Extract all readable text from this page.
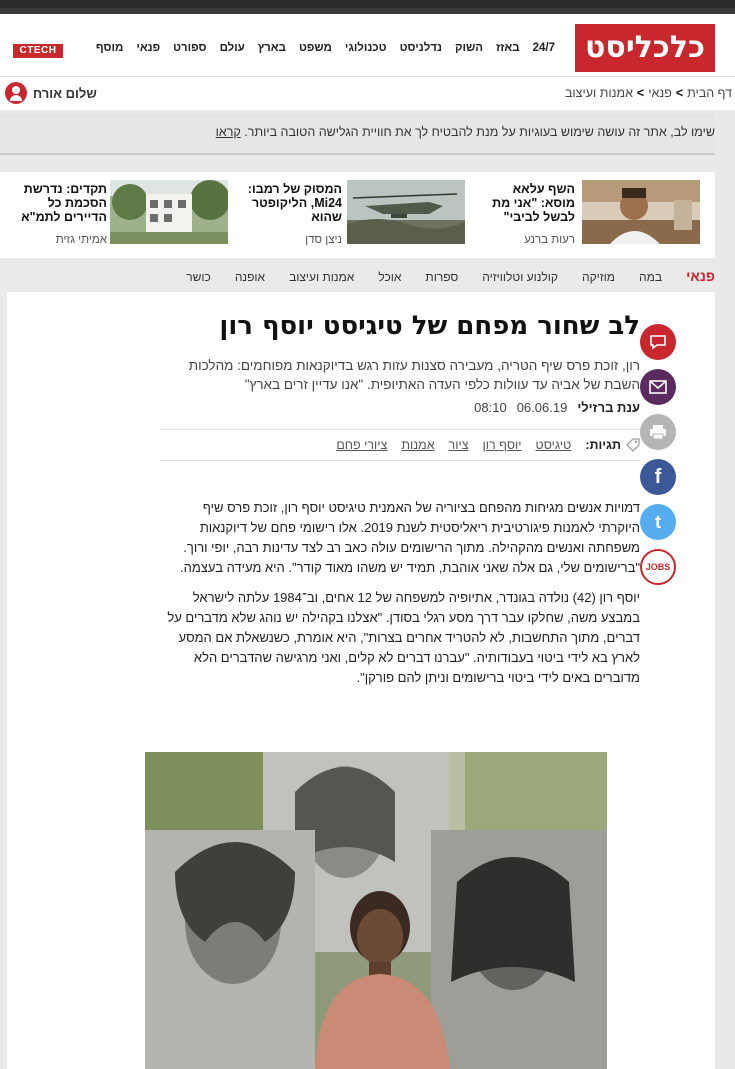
כלכליסט
24/7
באזז
השוק
נדלניסט
טכנולוגי
משפט
בארץ
עולם
ספורט
פנאי
מוסף
CTECH
שלום אורח	דף הבית
>
פנאי
>
אמנות ועיצוב
שימו לב, אתר זה עושה שימוש בעוגיות על מנת להבטיח לך את חוויית הגלישה הטובה ביותר. קראו
השף עלאא מוסא: "אני מת לבשל לביבי"
רעות ברנע
המסוק של רמבו: Mi24, הליקופטר שהוא
ניצן סדן
תקדים: נדרשת הסכמת כל הדיירים לתמ"א
אמיתי גזית
פנאי
במה
מוזיקה
קולנוע וטלוויזיה
ספרות
אוכל
אמנות ועיצוב
אופנה
כושר
f
t
JOBS
לב שחור מפחם של טיגיסט יוסף רון
רון, זוכת פרס שיף הטריה, מעבירה סצנות עזות רגש בדיוקנאות מפוחמים: מהלכות השבת של אביה עד עוולות כלפי העדה האתיופית. "אנו עדיין זרים בארץ"
ענת ברזילי
06.06.19
08:10
תגיות:
טיגיסט
יוסף רון
ציור
אמנות
ציורי פחם

דמויות אנשים מגיחות מהפחם בציוריה של האמנית טיגיסט יוסף רון, זוכת פרס שיף היוקרתי לאמנות פיגורטיבית ריאליסטית לשנת 2019. אלו רישומי פחם של דיוקנאות משפחתה ואנשים מהקהילה. מתוך הרישומים עולה כאב רב לצד עדינות רבה, יופי ורוך. "ברישומים שלי, גם אלה שאני אוהבת, תמיד יש משהו מאוד קודר". היא מעידה בעצמה.

יוסף רון (42) נולדה בגונדר, אתיופיה למשפחה של 12 אחים, וב־1984 עלתה לישראל במבצע משה, שחלקו עבר דרך מסע רגלי בסודן. "אצלנו בקהילה יש נוהג שלא מדברים על דברים, מתוך התחשבות, לא להטריד אחרים בצרות", היא אומרת, כשנשאלת אם המסע לארץ בא לידי ביטוי בעבודותיה. "עברנו דברים לא קלים, ואני מרגישה שהדברים הלא מדוברים באים לידי ביטוי ברישומים וניתן להם פורקן".
